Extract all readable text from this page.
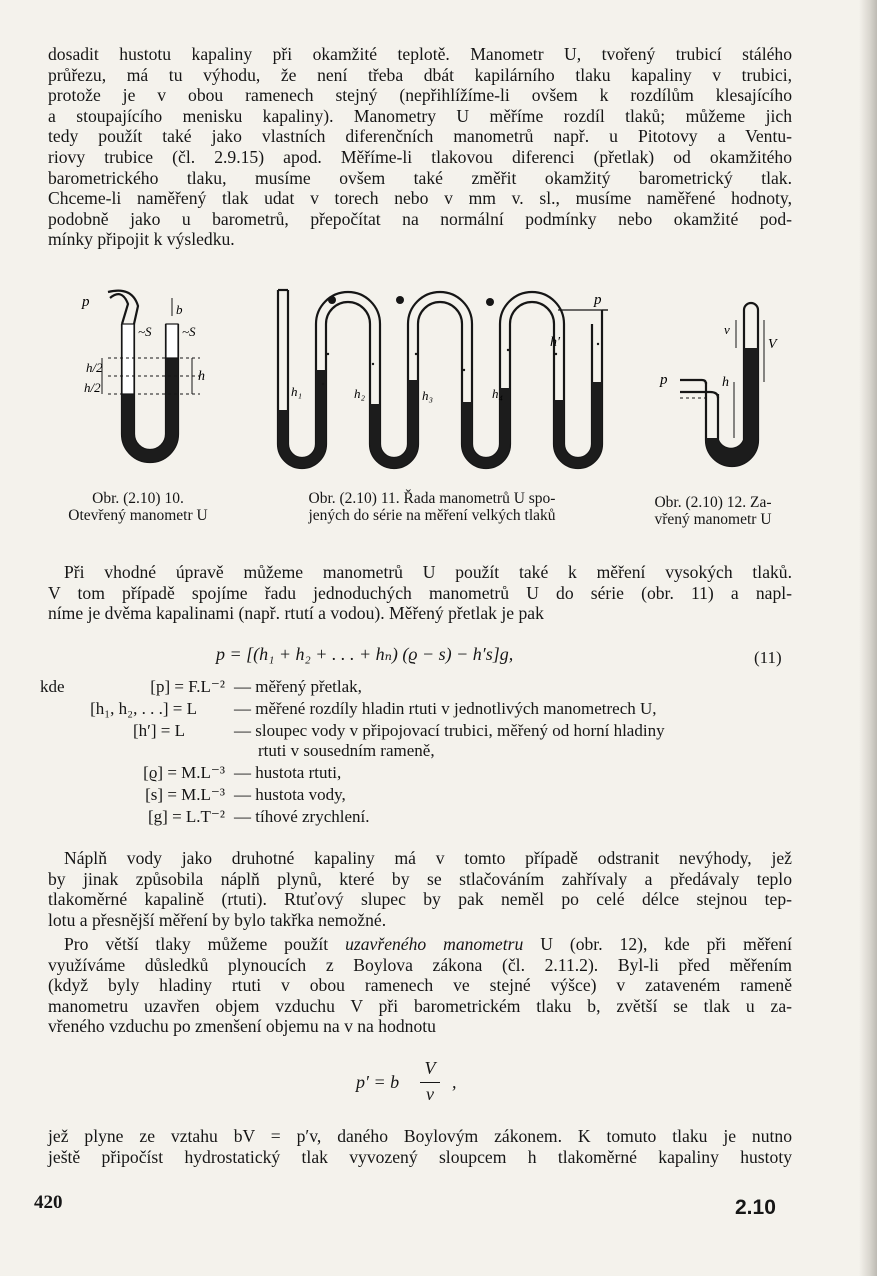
dosadit hustotu kapaliny při okamžité teplotě. Manometr U, tvořený trubicí stálého
průřezu, má tu výhodu, že není třeba dbát kapilárního tlaku kapaliny v trubici,
protože je v obou ramenech stejný (nepřihlížíme-li ovšem k rozdílům klesajícího
a stoupajícího menisku kapaliny). Manometry U měříme rozdíl tlaků; můžeme jich
tedy použít také jako vlastních diferenčních manometrů např. u Pitotovy a Ventu-
riovy trubice (čl. 2.9.15) apod. Měříme-li tlakovou diferenci (přetlak) od okamžitého
barometrického tlaku, musíme ovšem také změřit okamžitý barometrický tlak.
Chceme-li naměřený tlak udat v torech nebo v mm v. sl., musíme naměřené hodnoty,
podobně jako u barometrů, přepočítat na normální podmínky nebo okamžité pod-
mínky připojit k výsledku.

p	b
~S ~S
h/2
h/2
h
p
h′
h₁	h₂	h₃	h₄
v
V
p	h
Obr. (2.10) 10.
Otevřený manometr U
Obr. (2.10) 11. Řada manometrů U spo-
jených do série na měření velkých tlaků
Obr. (2.10) 12. Za-
vřený manometr U

Při vhodné úpravě můžeme manometrů U použít také k měření vysokých tlaků.
V tom případě spojíme řadu jednoduchých manometrů U do série (obr. 11) a napl-
níme je dvěma kapalinami (např. rtutí a vodou). Měřený přetlak je pak

p = [(h₁ + h₂ + . . . + hₙ) (ϱ − s) − h′s]g,	(11)
kde	[p] = F.L⁻² — měřený přetlak,
[h₁, h₂, . . .] = L — měřené rozdíly hladin rtuti v jednotlivých manometrech U,
[h′] = L	— sloupec vody v připojovací trubici, měřený od horní hladiny
rtuti v sousedním rameně,
[ϱ] = M.L⁻³ — hustota rtuti,
[s] = M.L⁻³ — hustota vody,
[g] = L.T⁻² — tíhové zrychlení.

Náplň vody jako druhotné kapaliny má v tomto případě odstranit nevýhody, jež
by jinak způsobila náplň plynů, které by se stlačováním zahřívaly a předávaly teplo
tlakoměrné kapalině (rtuti). Rtuťový slupec by pak neměl po celé délce stejnou tep-
lotu a přesnější měření by bylo takřka nemožné.

Pro větší tlaky můžeme použít uzavřeného manometru U (obr. 12), kde při měření
využíváme důsledků plynoucích z Boylova zákona (čl. 2.11.2). Byl-li před měřením
(když byly hladiny rtuti v obou ramenech ve stejné výšce) v zataveném rameně
manometru uzavřen objem vzduchu V při barometrickém tlaku b, zvětší se tlak u za-
vřeného vzduchu po zmenšení objemu na v na hodnotu

p′ = b
V
v
,

jež plyne ze vztahu bV = p′v, daného Boylovým zákonem. K tomuto tlaku je nutno
ještě připočíst hydrostatický tlak vyvozený sloupcem h tlakoměrné kapaliny hustoty

420	2.10
